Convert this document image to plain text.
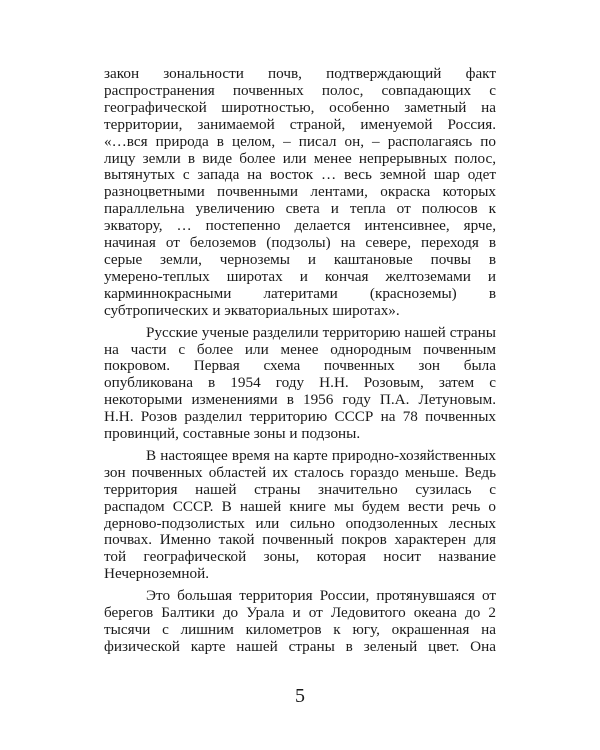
закон зональности почв, подтверждающий факт
распространения почвенных полос, совпадающих с
географической широтностью, особенно заметный на
территории, занимаемой страной, именуемой Россия.
«…вся природа в целом, – писал он, – располагаясь по
лицу земли в виде более или менее непрерывных полос,
вытянутых с запада на восток … весь земной шар одет
разноцветными почвенными лентами, окраска которых
параллельна увеличению света и тепла от полюсов к
экватору, … постепенно делается интенсивнее, ярче,
начиная от белоземов (подзолы) на севере, переходя в
серые земли, черноземы и каштановые почвы в
умерено-теплых широтах и кончая желтоземами и
карминнокрасными латеритами (красноземы) в
субтропических и экваториальных широтах».

Русские ученые разделили территорию нашей страны
на части с более или менее однородным почвенным
покровом. Первая схема почвенных зон была
опубликована в 1954 году Н.Н. Розовым, затем с
некоторыми изменениями в 1956 году П.А. Летуновым.
Н.Н. Розов разделил территорию СССР на 78 почвенных
провинций, составные зоны и подзоны.

В настоящее время на карте природно-хозяйственных
зон почвенных областей их сталось гораздо меньше. Ведь
территория нашей страны значительно сузилась с
распадом СССР. В нашей книге мы будем вести речь о
дерново-подзолистых или сильно оподзоленных лесных
почвах. Именно такой почвенный покров характерен для
той географической зоны, которая носит название
Нечерноземной.

Это большая территория России, протянувшаяся от
берегов Балтики до Урала и от Ледовитого океана до 2
тысячи с лишним километров к югу, окрашенная на
физической карте нашей страны в зеленый цвет. Она

5
